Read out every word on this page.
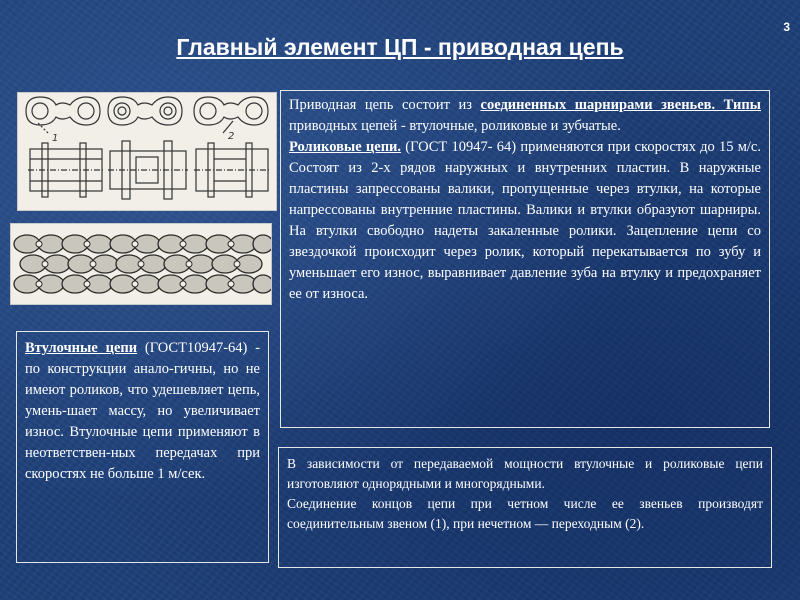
3
Главный элемент ЦП - приводная цепь
1	2

Приводная цепь состоит из соединенных шарнирами звеньев. Типы приводных цепей - втулочные, роликовые и зубчатые.

Роликовые цепи. (ГОСТ 10947- 64) применяются при скоростях до 15 м/с. Состоят из 2-х рядов наружных и внутренних пластин. В наружные пластины запрессованы валики, пропущенные через втулки, на которые напрессованы внутренние пластины. Валики и втулки образуют шарниры. На втулки свободно надеты закаленные ролики. Зацепление цепи со звездочкой происходит через ролик, который перекатывается по зубу и уменьшает его износ, выравнивает давление зуба на втулку и предохраняет ее от износа.

Втулочные цепи (ГОСТ10947-64) - по конструкции анало-гичны, но не имеют роликов, что удешевляет цепь, умень-шает массу, но увеличивает износ. Втулочные цепи применяют в неответствен-ных передачах при скоростях не больше 1 м/сек.

В зависимости от передаваемой мощности втулочные и роликовые цепи изготовляют однорядными и многорядными.

Соединение концов цепи при четном числе ее звеньев производят соединительным звеном (1), при нечетном — переходным (2).
